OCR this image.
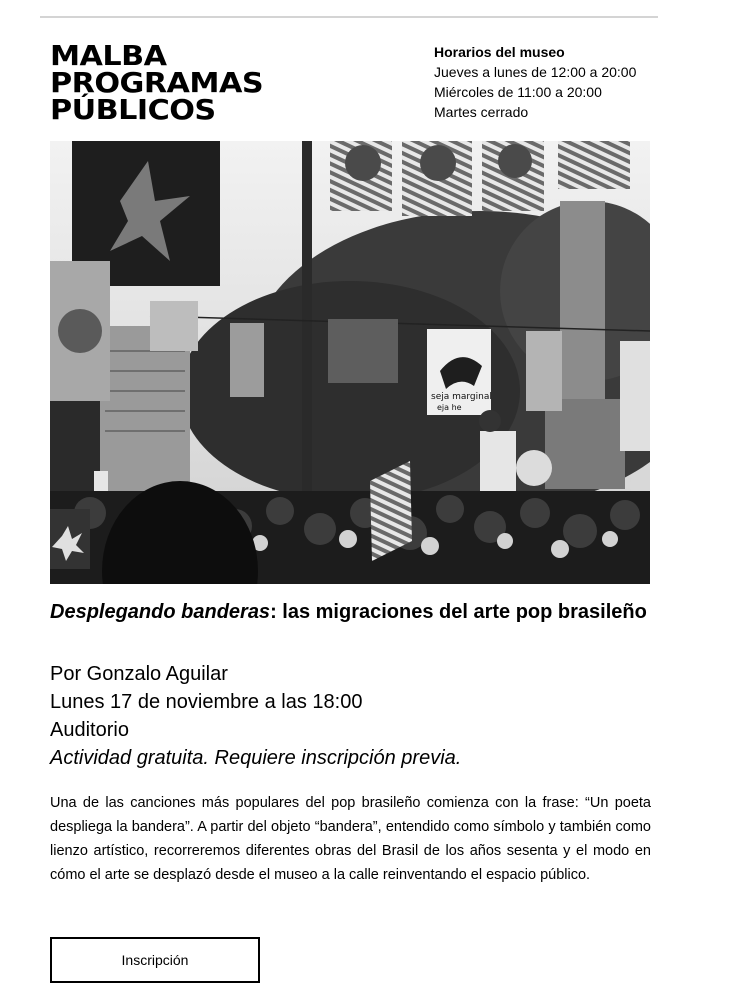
MALBA
PROGRAMAS
PÚBLICOS
Horarios del museo
Jueves a lunes de 12:00 a 20:00
Miércoles de 11:00 a 20:00
Martes cerrado
seja marginal
eja he
Desplegando banderas: las migraciones del arte pop brasileño
Por Gonzalo Aguilar
Lunes 17 de noviembre a las 18:00
Auditorio
Actividad gratuita. Requiere inscripción previa.
Una de las canciones más populares del pop brasileño comienza con la frase: “Un poeta despliega la bandera”. A partir del objeto “bandera”, entendido como símbolo y también como lienzo artístico, recorreremos diferentes obras del Brasil de los años sesenta y el modo en cómo el arte se desplazó desde el museo a la calle reinventando el espacio público.
Inscripción
